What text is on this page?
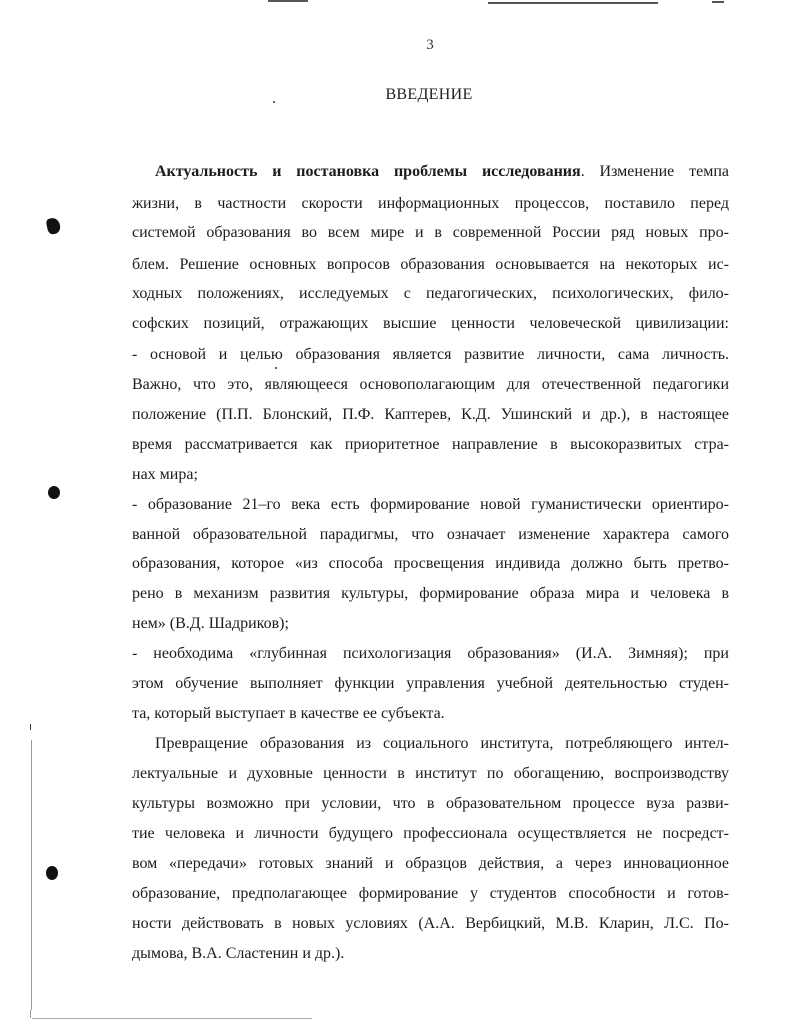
3
ВВЕДЕНИЕ
Актуальность и постановка проблемы исследования. Изменение темпа
жизни, в частности скорости информационных процессов, поставило перед
системой образования во всем мире и в современной России ряд новых про-
блем. Решение основных вопросов образования основывается на некоторых ис-
ходных положениях, исследуемых с педагогических, психологических, фило-
софских позиций, отражающих высшие ценности человеческой цивилизации:
- основой и целью образования является развитие личности, сама личность.
Важно, что это, являющееся основополагающим для отечественной педагогики
положение (П.П. Блонский, П.Ф. Каптерев, К.Д. Ушинский и др.), в настоящее
время рассматривается как приоритетное направление в высокоразвитых стра-
нах мира;
- образование 21–го века есть формирование новой гуманистически ориентиро-
ванной образовательной парадигмы, что означает изменение характера самого
образования, которое «из способа просвещения индивида должно быть претво-
рено в механизм развития культуры, формирование образа мира и человека в
нем» (В.Д. Шадриков);
- необходима «глубинная психологизация образования» (И.А. Зимняя); при
этом обучение выполняет функции управления учебной деятельностью студен-
та, который выступает в качестве ее субъекта.
Превращение образования из социального института, потребляющего интел-
лектуальные и духовные ценности в институт по обогащению, воспроизводству
культуры возможно при условии, что в образовательном процессе вуза разви-
тие человека и личности будущего профессионала осуществляется не посредст-
вом «передачи» готовых знаний и образцов действия, а через инновационное
образование, предполагающее формирование у студентов способности и готов-
ности действовать в новых условиях (А.А. Вербицкий, М.В. Кларин, Л.С. По-
дымова, В.А. Сластенин и др.).
